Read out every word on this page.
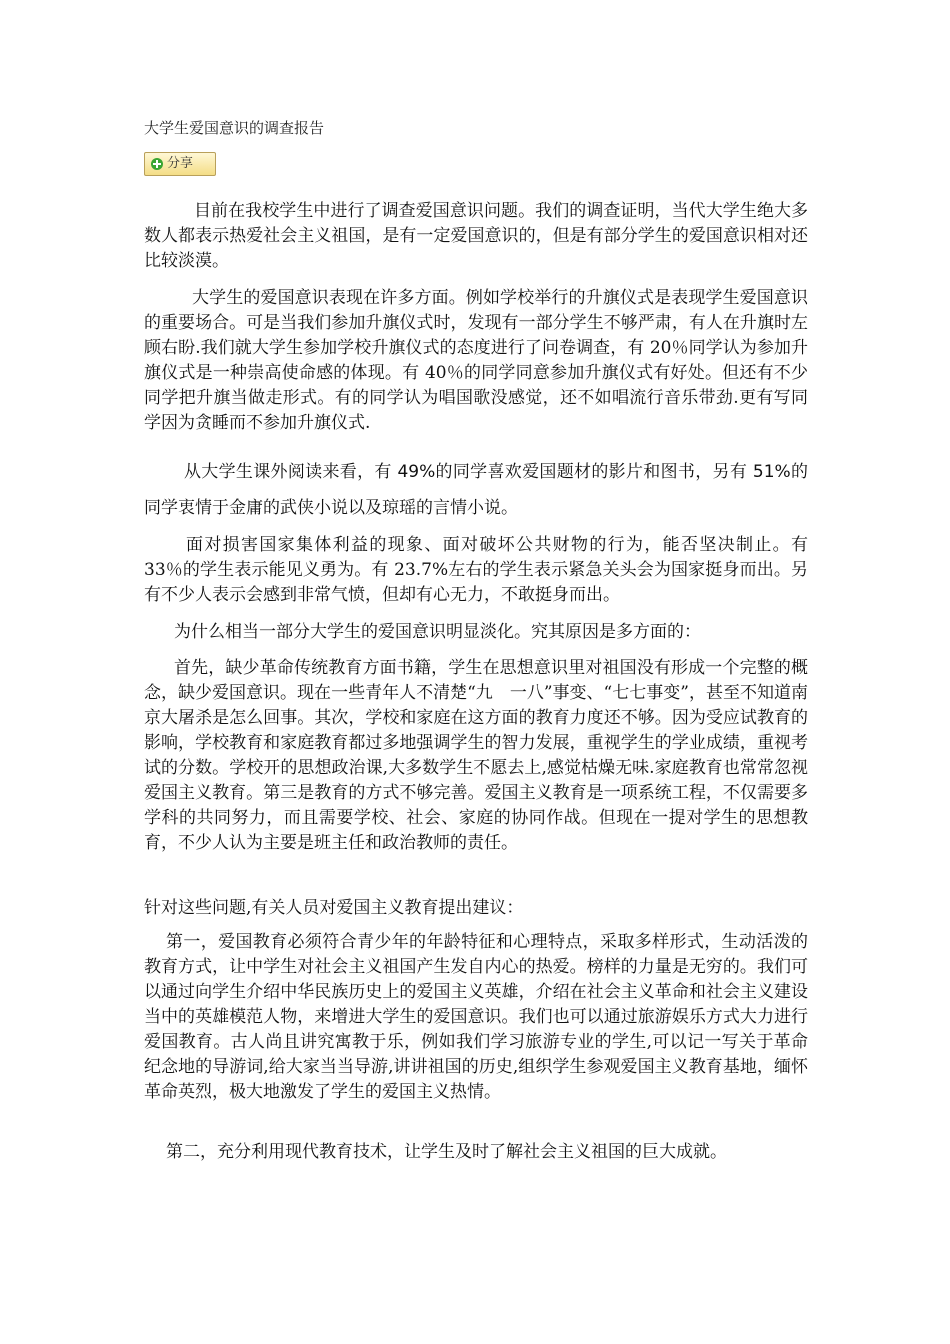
大学生爱国意识的调查报告
分享

目前在我校学生中进行了调查爱国意识问题。我们的调查证明，当代大学生绝大多数人都表示热爱社会主义祖国，是有一定爱国意识的，但是有部分学生的爱国意识相对还比较淡漠。

大学生的爱国意识表现在许多方面。例如学校举行的升旗仪式是表现学生爱国意识的重要场合。可是当我们参加升旗仪式时，发现有一部分学生不够严肃，有人在升旗时左顾右盼.我们就大学生参加学校升旗仪式的态度进行了问卷调查，有 20％同学认为参加升旗仪式是一种崇高使命感的体现。有 40％的同学同意参加升旗仪式有好处。但还有不少同学把升旗当做走形式。有的同学认为唱国歌没感觉，还不如唱流行音乐带劲.更有写同学因为贪睡而不参加升旗仪式.

从大学生课外阅读来看，有 49%的同学喜欢爱国题材的影片和图书，另有 51%的同学衷情于金庸的武侠小说以及琼瑶的言情小说。

面对损害国家集体利益的现象、面对破坏公共财物的行为，能否坚决制止。有 33％的学生表示能见义勇为。有 23.7%左右的学生表示紧急关头会为国家挺身而出。另有不少人表示会感到非常气愤，但却有心无力，不敢挺身而出。

为什么相当一部分大学生的爱国意识明显淡化。究其原因是多方面的：

首先，缺少革命传统教育方面书籍，学生在思想意识里对祖国没有形成一个完整的概念，缺少爱国意识。现在一些青年人不清楚“九　一八”事变、“七七事变”，甚至不知道南京大屠杀是怎么回事。其次，学校和家庭在这方面的教育力度还不够。因为受应试教育的影响，学校教育和家庭教育都过多地强调学生的智力发展，重视学生的学业成绩，重视考试的分数。学校开的思想政治课,大多数学生不愿去上,感觉枯燥无味.家庭教育也常常忽视爱国主义教育。第三是教育的方式不够完善。爱国主义教育是一项系统工程，不仅需要多学科的共同努力，而且需要学校、社会、家庭的协同作战。但现在一提对学生的思想教育，不少人认为主要是班主任和政治教师的责任。

针对这些问题,有关人员对爱国主义教育提出建议：

第一，爱国教育必须符合青少年的年龄特征和心理特点，采取多样形式，生动活泼的教育方式，让中学生对社会主义祖国产生发自内心的热爱。榜样的力量是无穷的。我们可以通过向学生介绍中华民族历史上的爱国主义英雄，介绍在社会主义革命和社会主义建设当中的英雄模范人物，来增进大学生的爱国意识。我们也可以通过旅游娱乐方式大力进行爱国教育。古人尚且讲究寓教于乐，例如我们学习旅游专业的学生,可以记一写关于革命纪念地的导游词,给大家当当导游,讲讲祖国的历史,组织学生参观爱国主义教育基地，缅怀革命英烈，极大地激发了学生的爱国主义热情。

第二，充分利用现代教育技术，让学生及时了解社会主义祖国的巨大成就。
